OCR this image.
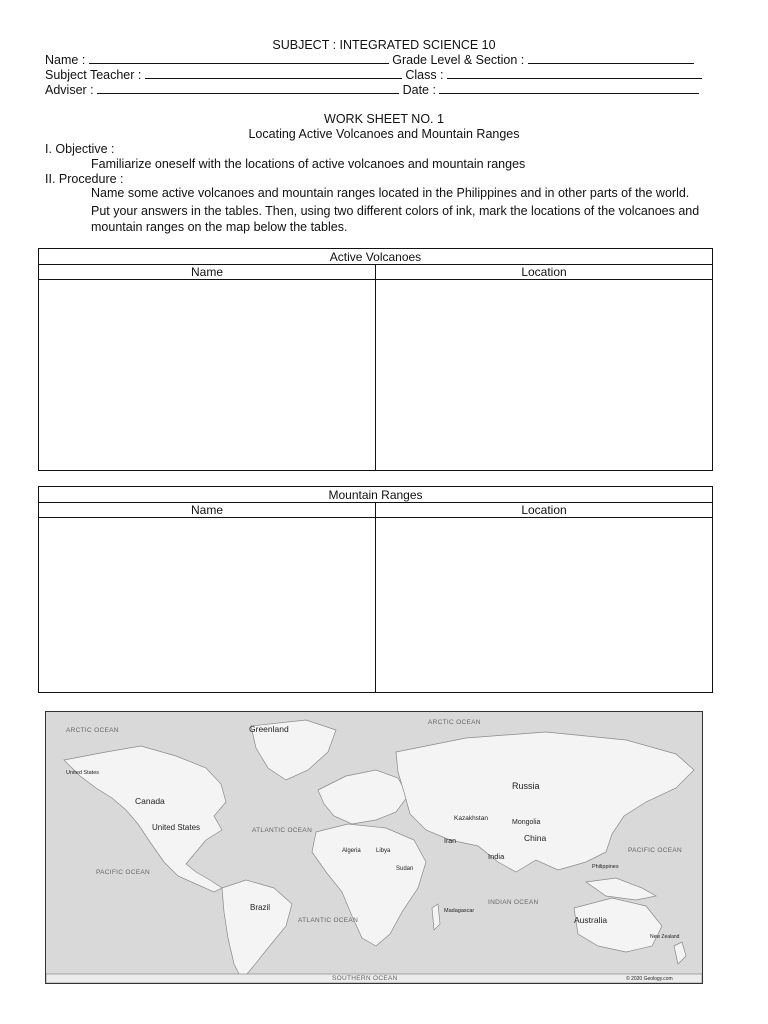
SUBJECT : INTEGRATED SCIENCE 10
Name :	Grade Level & Section :
Subject Teacher :	Class :
Adviser :	Date :
WORK SHEET NO. 1
Locating Active Volcanoes and Mountain Ranges
I. Objective :
Familiarize oneself with the locations of active volcanoes and mountain ranges
II. Procedure :
Name some active volcanoes and mountain ranges located in the Philippines and in other parts of the world.
Put your answers in the tables. Then, using two different colors of ink, mark the locations of the volcanoes and
mountain ranges on the map below the tables.
Active Volcanoes	
Name	Location

Mountain Ranges	
Name	Location

ARCTIC OCEAN
ARCTIC OCEAN
ATLANTIC OCEAN
PACIFIC OCEAN
PACIFIC OCEAN
ATLANTIC OCEAN
INDIAN OCEAN
SOUTHERN OCEAN
Greenland
Canada
United States
Russia
Kazakhstan
Mongolia
China
India
Brazil
Australia
United States
Algeria	Libya
Iran
Sudan
Madagascar
Philippines
New Zealand
© 2020 Geology.com
